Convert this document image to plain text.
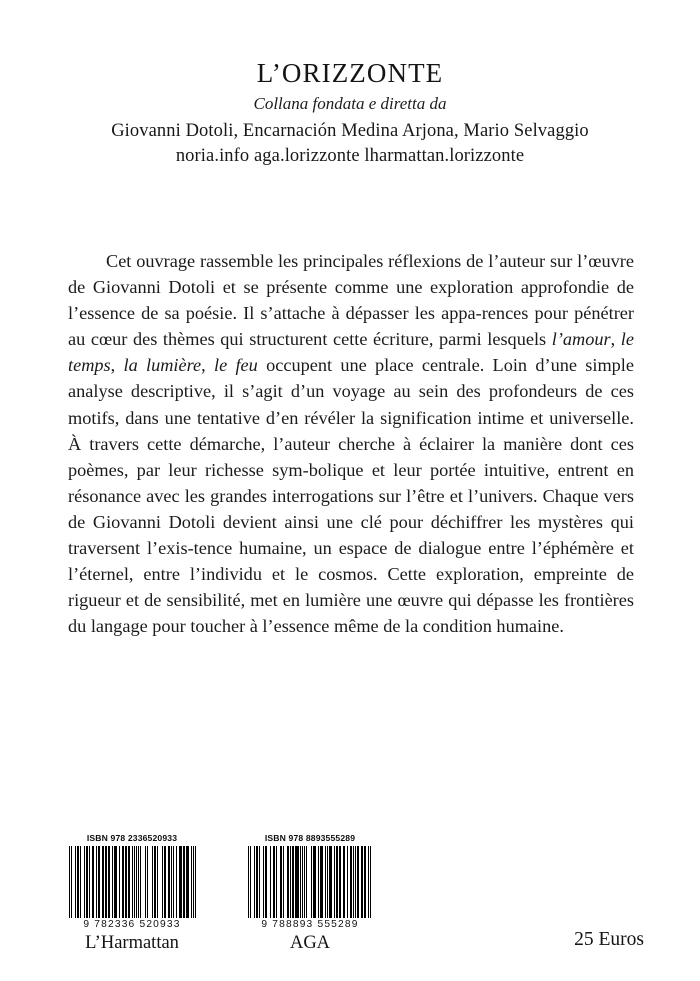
L’ORIZZONTE
Collana fondata e diretta da
Giovanni Dotoli, Encarnación Medina Arjona, Mario Selvaggio
noria.info aga.lorizzonte lharmattan.lorizzonte
Cet ouvrage rassemble les principales réflexions de l’auteur sur l’œuvre de Giovanni Dotoli et se présente comme une exploration approfondie de l’essence de sa poésie. Il s’attache à dépasser les appa-rences pour pénétrer au cœur des thèmes qui structurent cette écriture, parmi lesquels l’amour, le temps, la lumière, le feu occupent une place centrale. Loin d’une simple analyse descriptive, il s’agit d’un voyage au sein des profondeurs de ces motifs, dans une tentative d’en révéler la signification intime et universelle. À travers cette démarche, l’auteur cherche à éclairer la manière dont ces poèmes, par leur richesse sym-bolique et leur portée intuitive, entrent en résonance avec les grandes interrogations sur l’être et l’univers. Chaque vers de Giovanni Dotoli devient ainsi une clé pour déchiffrer les mystères qui traversent l’exis-tence humaine, un espace de dialogue entre l’éphémère et l’éternel, entre l’individu et le cosmos. Cette exploration, empreinte de rigueur et de sensibilité, met en lumière une œuvre qui dépasse les frontières du langage pour toucher à l’essence même de la condition humaine.
ISBN 978 2336520933
9 782336 520933
L’Harmattan
ISBN 978 8893555289
9 788893 555289
AGA	25 Euros
